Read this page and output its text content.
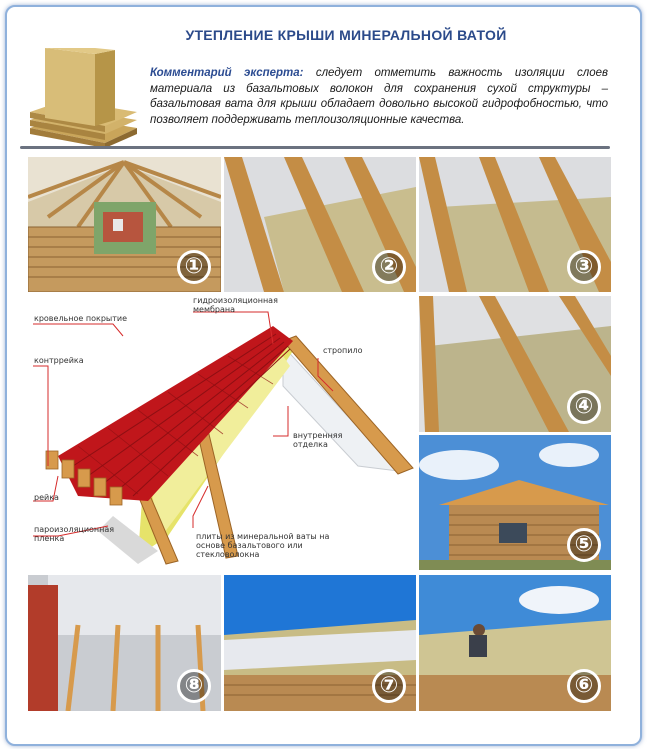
УТЕПЛЕНИЕ КРЫШИ МИНЕРАЛЬНОЙ ВАТОЙ
Комментарий эксперта: следует отметить важность изоляции слоев материала из базальтовых волокон для сохранения сухой структуры – базальтовая вата для крыши обладает довольно высокой гидрофобностью, что позволяет поддерживать теплоизоляционные качества.
①	②	③
кровельное покрытие
гидроизоляционная мембрана
контррейка
стропило
внутренняя отделка
рейка
пароизоляционная пленка	плиты из минеральной ваты на основе базальтового или стекловолокна
④
⑤
⑧	⑦	⑥
